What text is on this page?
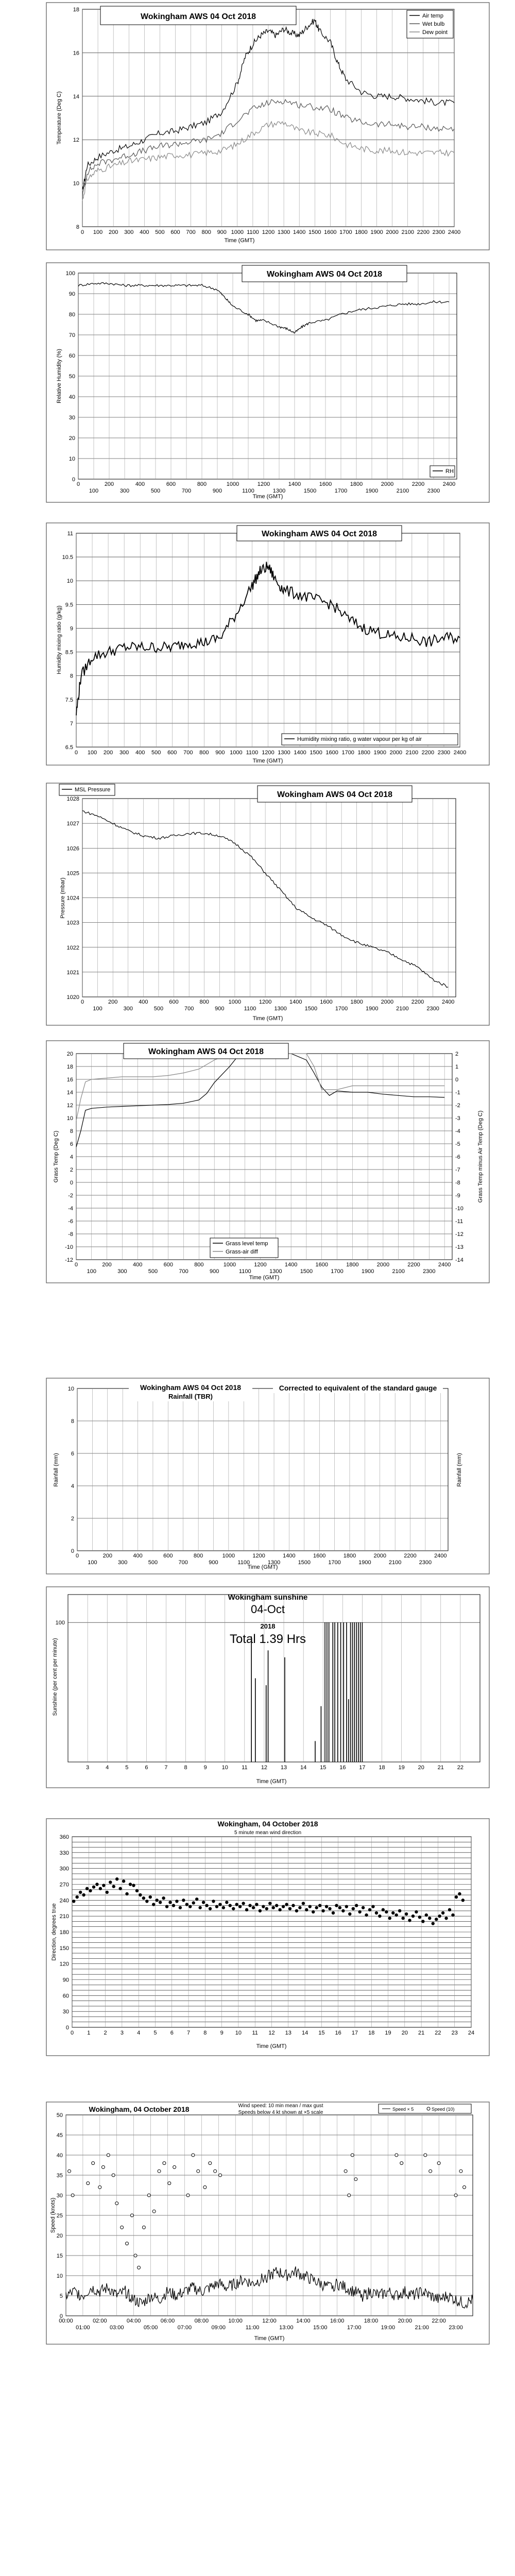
8
10
12
14
16
18
0 100 200 300 400 500 600 700 800 900 1000 1100 1200 1300 1400 1500 1600 1700 1800 1900 2000 2100 2200 2300 2400
Wokingham AWS 04 Oct 2018
Time (GMT)
Temperature (Deg C)
Air temp
Wet bulb
Dew point
0
10
20
30
40
50
60
70
80
90
100
0	200	400	600	800	1000	1200	1400	1600	1800	2000	2200	2400
100	300	500	700	900	1100	1300	1500	1700	1900	2100	2300
Wokingham AWS 04 Oct 2018
Time (GMT)
Relative Humidity (%)
RH
6.5
7
7.5
8
8.5
9
9.5
10
10.5
11
0 100 200 300 400 500 600 700 800 900 1000 1100 1200 1300 1400 1500 1600 1700 1800 1900 2000 2100 2200 2300 2400
Wokingham AWS 04 Oct 2018
Time (GMT)
Humidity mixing ratio (g/kg)
Humidity mixing ratio, g water vapour per kg of air
1020
1021
1022
1023
1024
1025
1026
1027
1028
0	200	400	600	800	1000	1200	1400	1600	1800	2000	2200	2400
100	300	500	700	900	1100	1300	1500	1700	1900	2100	2300
Wokingham AWS 04 Oct 2018
Time (GMT)
Pressure (mbar)
MSL Pressure
-12
-10
-8
-6
-4
-2
0
2
4
6
8
10
12
14
16
18
20
-14
-13
-12
-11
-10
-9
-8
-7
-6
-5
-4
-3
-2
-1
0
1
2
0	200	400	600	800	1000	1200	1400	1600	1800	2000	2200	2400
100	300	500	700	900	1100	1300	1500	1700	1900	2100	2300
Wokingham AWS 04 Oct 2018
Time (GMT)
Grass Temp (Deg C)	Grass Temp minus Air Temp (Deg C)
Grass level temp
Grass-air diff
0
2
4
6
8
10
0	200	400	600	800	1000	1200	1400	1600	1800	2000	2200	2400
100	300	500	700	900	1100	1300	1500	1700	1900	2100	2300
Wokingham AWS 04 Oct 2018
Rainfall (TBR)
Corrected to equivalent of the standard gauge
Time (GMT)
Rainfall (mm)	Rainfall (mm)
100
3	4	5	6	7	8	9	10 11 12 13 14 15 16 17 18 19 20 21 22
Wokingham sunshine
04-Oct
2018
Total 1.39 Hrs
Time (GMT)
Sunshine (per cent per minute)
0
30
60
90
120
150
180
210
240
270
300
330
360
0 1 2 3 4 5 6 7 8 9 10 11 12 13 14 15 16 17 18 19 20 21 22 23 24
Wokingham, 04 October 2018
5 minute mean wind direction
Time (GMT)
Direction, degrees true
0
5
10
15
20
25
30
35
40
45
50
00:00	02:00	04:00	06:00	08:00	10:00	12:00	14:00	16:00	18:00	20:00	22:00
01:00	03:00	05:00	07:00	09:00	11:00	13:00	15:00	17:00	19:00	21:00	23:00
Wokingham, 04 October 2018	Wind speed: 10 min mean / max gust
Speeds below 4 kt shown at ×5 scale
Speed × 5	Speed (10)
Time (GMT)
Speed (knots)
